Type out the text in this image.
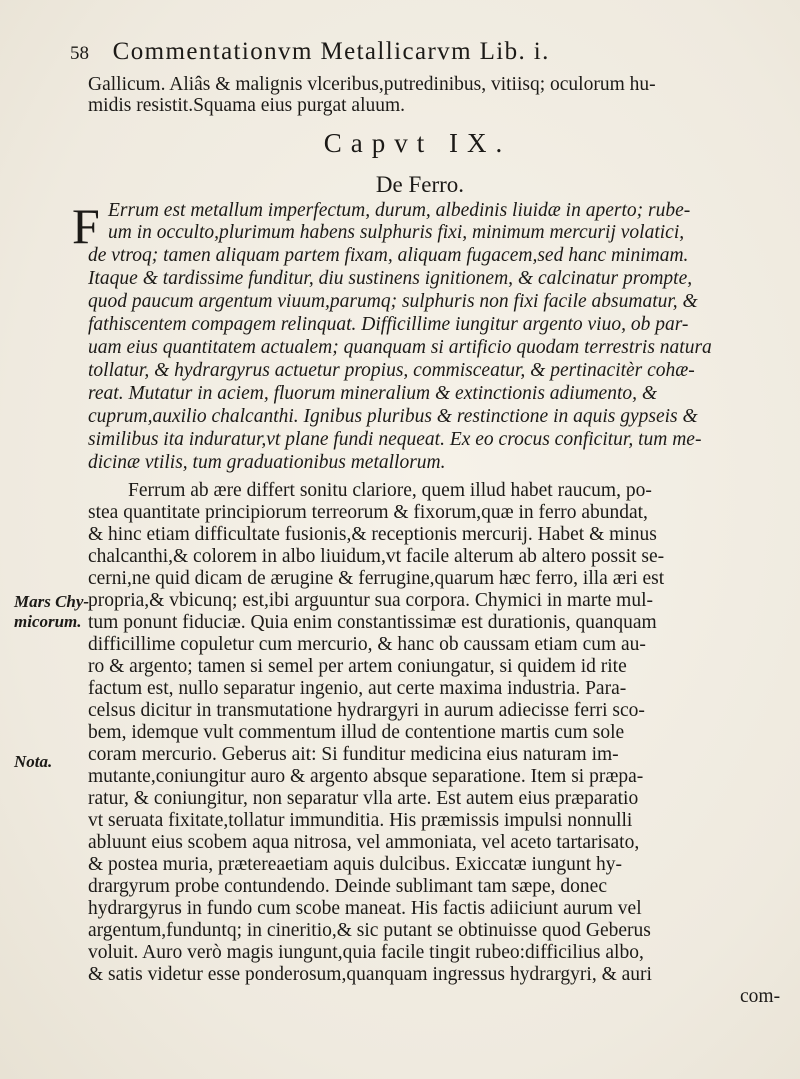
58 Commentationvm Metallicarvm Lib. i.
Gallicum. Aliâs & malignis vlceribus,putredinibus, vitiisq; oculorum hu-
midis resistit.Squama eius purgat aluum.
Capvt IX.
De Ferro.
F Errum est metallum imperfectum, durum, albedinis liuidæ in aperto; rube-
um in occulto,plurimum habens sulphuris fixi, minimum mercurij volatici,
de vtroq; tamen aliquam partem fixam, aliquam fugacem,sed hanc minimam.
Itaque & tardissime funditur, diu sustinens ignitionem, & calcinatur prompte,
quod paucum argentum viuum,parumq; sulphuris non fixi facile absumatur, &
fathiscentem compagem relinquat. Difficillime iungitur argento viuo, ob par-
uam eius quantitatem actualem; quanquam si artificio quodam terrestris natura
tollatur, & hydrargyrus actuetur propius, commisceatur, & pertinacitèr cohæ-
reat. Mutatur in aciem, fluorum mineralium & extinctionis adiumento, &
cuprum,auxilio chalcanthi. Ignibus pluribus & restinctione in aquis gypseis &
similibus ita induratur,vt plane fundi nequeat. Ex eo crocus conficitur, tum me-
dicinæ vtilis, tum graduationibus metallorum.
Ferrum ab ære differt sonitu clariore, quem illud habet raucum, po-
stea quantitate principiorum terreorum & fixorum,quæ in ferro abundat,
& hinc etiam difficultate fusionis,& receptionis mercurij. Habet & minus
chalcanthi,& colorem in albo liuidum,vt facile alterum ab altero possit se-
cerni,ne quid dicam de ærugine & ferrugine,quarum hæc ferro, illa æri est
propria,& vbicunq; est,ibi arguuntur sua corpora. Chymici in marte mul-
tum ponunt fiduciæ. Quia enim constantissimæ est durationis, quanquam
difficillime copuletur cum mercurio, & hanc ob caussam etiam cum au-
ro & argento; tamen si semel per artem coniungatur, si quidem id rite
factum est, nullo separatur ingenio, aut certe maxima industria. Para-
celsus dicitur in transmutatione hydrargyri in aurum adiecisse ferri sco-
bem, idemque vult commentum illud de contentione martis cum sole
coram mercurio. Geberus ait: Si funditur medicina eius naturam im-
mutante,coniungitur auro & argento absque separatione. Item si præpa-
ratur, & coniungitur, non separatur vlla arte. Est autem eius præparatio
vt seruata fixitate,tollatur immunditia. His præmissis impulsi nonnulli
abluunt eius scobem aqua nitrosa, vel ammoniata, vel aceto tartarisato,
& postea muria, prætereaetiam aquis dulcibus. Exiccatæ iungunt hy-
drargyrum probe contundendo. Deinde sublimant tam sæpe, donec
hydrargyrus in fundo cum scobe maneat. His factis adiiciunt aurum vel
argentum,funduntq; in cineritio,& sic putant se obtinuisse quod Geberus
voluit. Auro verò magis iungunt,quia facile tingit rubeo:difficilius albo,
& satis videtur esse ponderosum,quanquam ingressus hydrargyri, & auri
com-
Mars Chy-
micorum.
Nota.
